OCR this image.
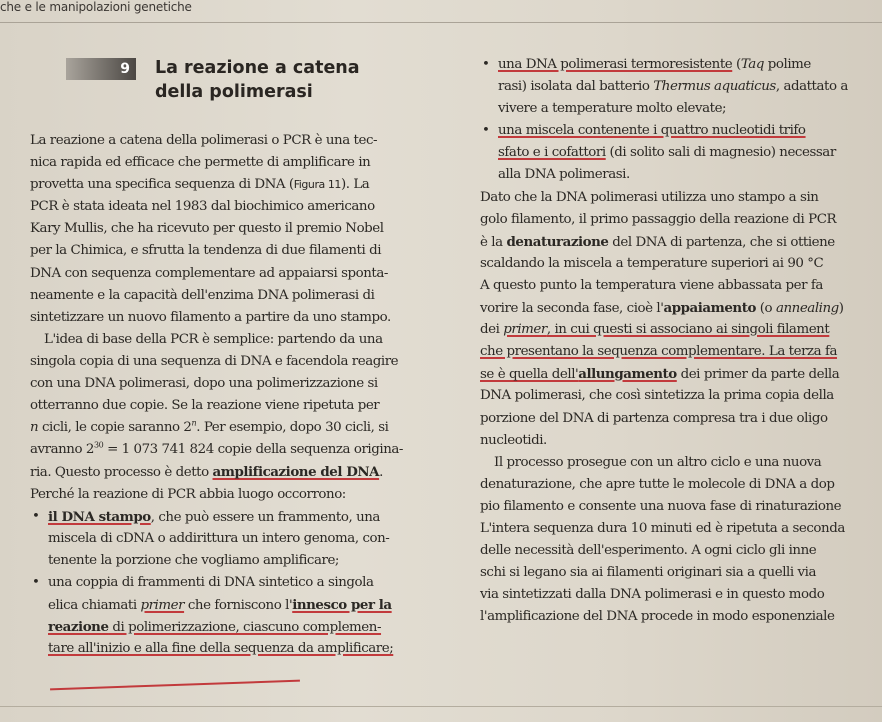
che e le manipolazioni genetiche
9	La reazione a catena
della polimerasi
La reazione a catena della polimerasi o PCR è una tec-
nica rapida ed efficace che permette di amplificare in
provetta una specifica sequenza di DNA (Figura 11). La
PCR è stata ideata nel 1983 dal biochimico americano
Kary Mullis, che ha ricevuto per questo il premio Nobel
per la Chimica, e sfrutta la tendenza di due filamenti di
DNA con sequenza complementare ad appaiarsi sponta-
neamente e la capacità dell'enzima DNA polimerasi di
sintetizzare un nuovo filamento a partire da uno stampo.
L'idea di base della PCR è semplice: partendo da una
singola copia di una sequenza di DNA e facendola reagire
con una DNA polimerasi, dopo una polimerizzazione si
otterranno due copie. Se la reazione viene ripetuta per
n cicli, le copie saranno 2$^n$. Per esempio, dopo 30 cicli, si
avranno $2^{30} = 1$ 073 741 824 copie della sequenza origina-
ria. Questo processo è detto amplificazione del DNA.
Perché la reazione di PCR abbia luogo occorrono:
• il DNA stampo, che può essere un frammento, una
miscela di cDNA o addirittura un intero genoma, con-
tenente la porzione che vogliamo amplificare;
• una coppia di frammenti di DNA sintetico a singola
elica chiamati primer che forniscono l'innesco per la
reazione di polimerizzazione, ciascuno complemen-
tare all'inizio e alla fine della sequenza da amplificare;
• una DNA polimerasi termoresistente (Taq polime
rasi) isolata dal batterio Thermus aquaticus, adattato a
vivere a temperature molto elevate;
• una miscela contenente i quattro nucleotidi trifo
sfato e i cofattori (di solito sali di magnesio) necessar
alla DNA polimerasi.
Dato che la DNA polimerasi utilizza uno stampo a sin
golo filamento, il primo passaggio della reazione di PCR
è la denaturazione del DNA di partenza, che si ottiene
scaldando la miscela a temperature superiori ai 90 °C
A questo punto la temperatura viene abbassata per fa
vorire la seconda fase, cioè l'appaiamento (o annealing)
dei primer, in cui questi si associano ai singoli filament
che presentano la sequenza complementare. La terza fa
se è quella dell'allungamento dei primer da parte della
DNA polimerasi, che così sintetizza la prima copia della
porzione del DNA di partenza compresa tra i due oligo
nucleotidi.
Il processo prosegue con un altro ciclo e una nuova
denaturazione, che apre tutte le molecole di DNA a dop
pio filamento e consente una nuova fase di rinaturazione
L'intera sequenza dura 10 minuti ed è ripetuta a seconda
delle necessità dell'esperimento. A ogni ciclo gli inne
schi si legano sia ai filamenti originari sia a quelli via
via sintetizzati dalla DNA polimerasi e in questo modo
l'amplificazione del DNA procede in modo esponenziale
